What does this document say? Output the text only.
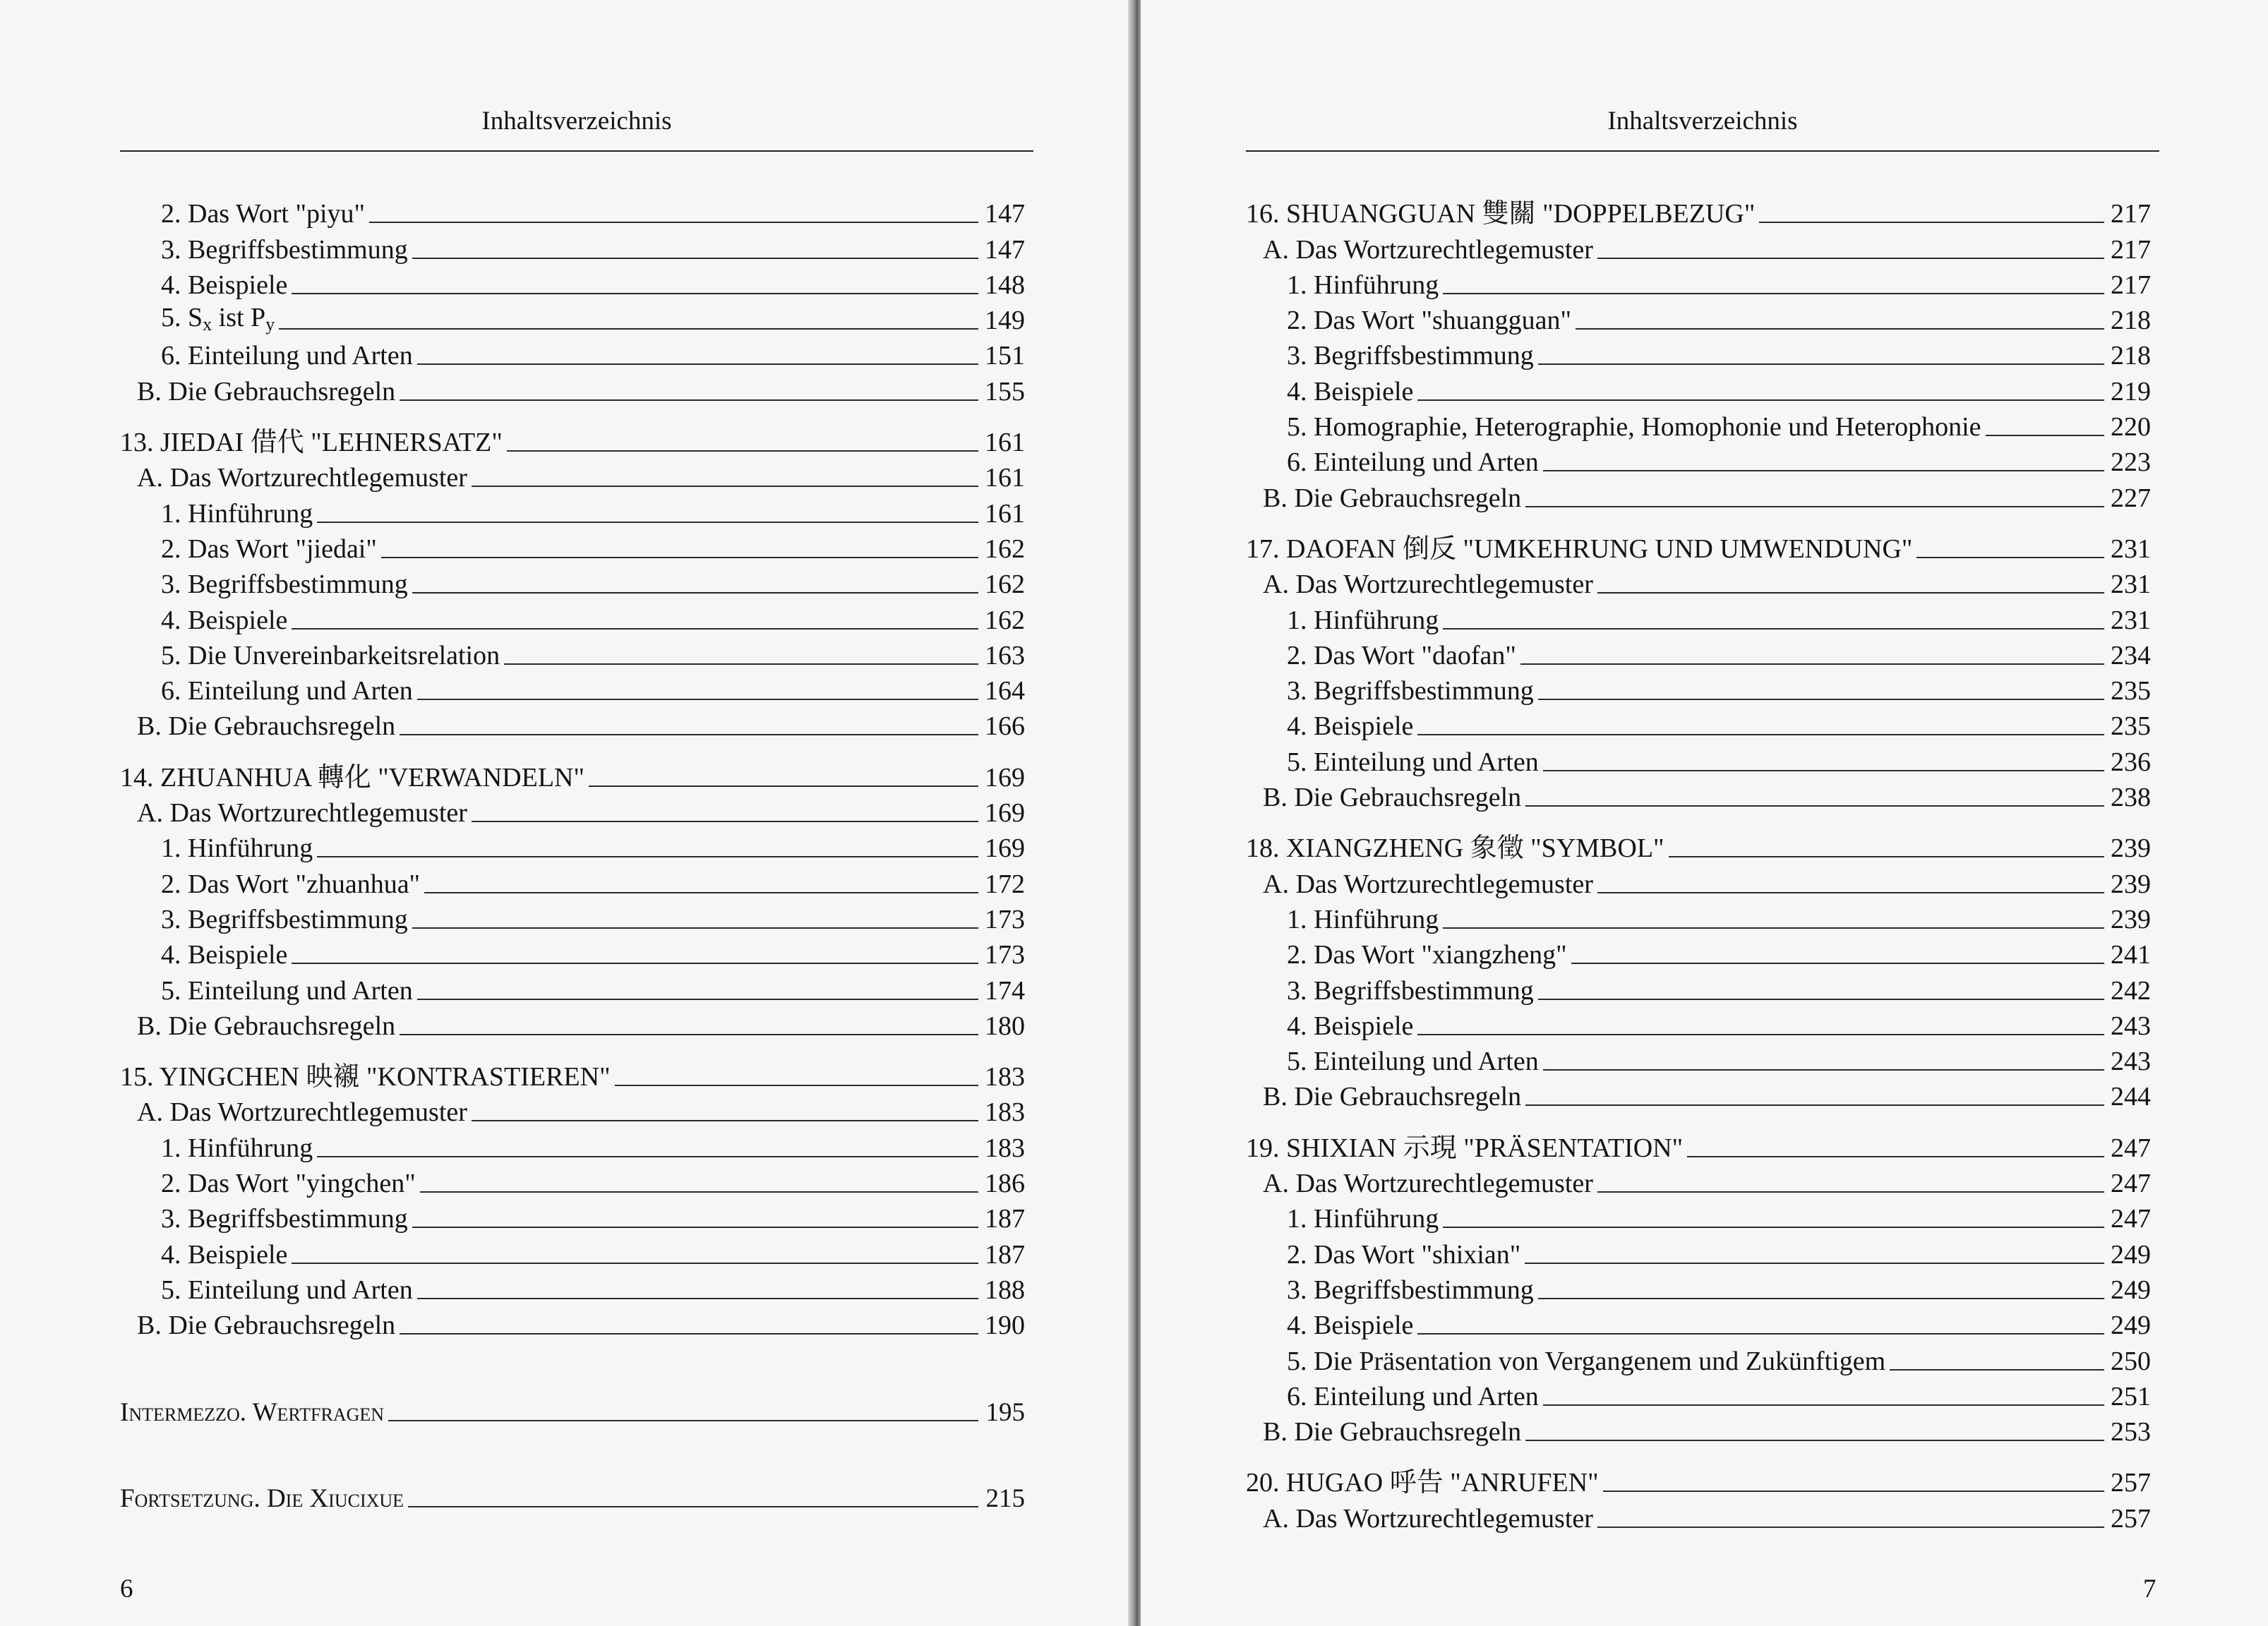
Inhaltsverzeichnis
2. Das Wort "piyu"	147
3. Begriffsbestimmung	147
4. Beispiele	148
5. $S_x$ ist $P_y$	149
6. Einteilung und Arten	151
B. Die Gebrauchsregeln	155
13. JIEDAI 借代 "LEHNERSATZ"	161
A. Das Wortzurechtlegemuster	161
1. Hinführung	161
2. Das Wort "jiedai"	162
3. Begriffsbestimmung	162
4. Beispiele	162
5. Die Unvereinbarkeitsrelation	163
6. Einteilung und Arten	164
B. Die Gebrauchsregeln	166
14. ZHUANHUA 轉化 "VERWANDELN"	169
A. Das Wortzurechtlegemuster	169
1. Hinführung	169
2. Das Wort "zhuanhua"	172
3. Begriffsbestimmung	173
4. Beispiele	173
5. Einteilung und Arten	174
B. Die Gebrauchsregeln	180
15. YINGCHEN 映襯 "KONTRASTIEREN"	183
A. Das Wortzurechtlegemuster	183
1. Hinführung	183
2. Das Wort "yingchen"	186
3. Begriffsbestimmung	187
4. Beispiele	187
5. Einteilung und Arten	188
B. Die Gebrauchsregeln	190
Intermezzo. Wertfragen	195
Fortsetzung. Die Xiucixue	215
6
Inhaltsverzeichnis
16. SHUANGGUAN 雙關 "DOPPELBEZUG"	217
A. Das Wortzurechtlegemuster	217
1. Hinführung	217
2. Das Wort "shuangguan"	218
3. Begriffsbestimmung	218
4. Beispiele	219
5. Homographie, Heterographie, Homophonie und Heterophonie	220
6. Einteilung und Arten	223
B. Die Gebrauchsregeln	227
17. DAOFAN 倒反 "UMKEHRUNG UND UMWENDUNG"	231
A. Das Wortzurechtlegemuster	231
1. Hinführung	231
2. Das Wort "daofan"	234
3. Begriffsbestimmung	235
4. Beispiele	235
5. Einteilung und Arten	236
B. Die Gebrauchsregeln	238
18. XIANGZHENG 象徵 "SYMBOL"	239
A. Das Wortzurechtlegemuster	239
1. Hinführung	239
2. Das Wort "xiangzheng"	241
3. Begriffsbestimmung	242
4. Beispiele	243
5. Einteilung und Arten	243
B. Die Gebrauchsregeln	244
19. SHIXIAN 示現 "PRÄSENTATION"	247
A. Das Wortzurechtlegemuster	247
1. Hinführung	247
2. Das Wort "shixian"	249
3. Begriffsbestimmung	249
4. Beispiele	249
5. Die Präsentation von Vergangenem und Zukünftigem	250
6. Einteilung und Arten	251
B. Die Gebrauchsregeln	253
20. HUGAO 呼告 "ANRUFEN"	257
A. Das Wortzurechtlegemuster	257
7
